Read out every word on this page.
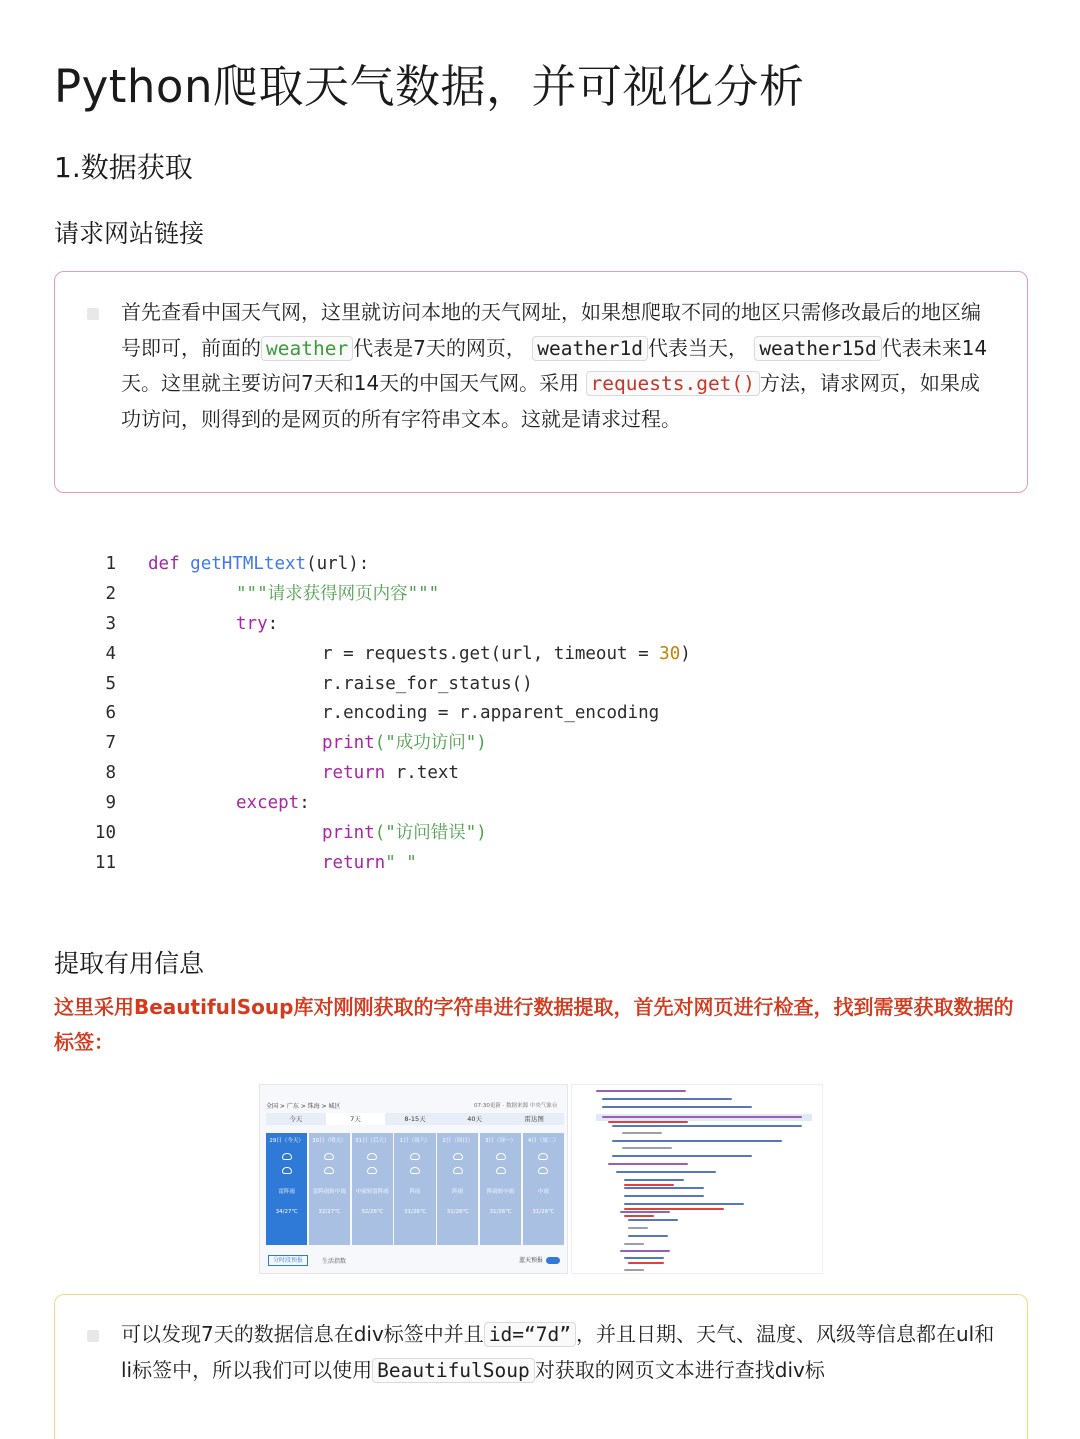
Python爬取天气数据，并可视化分析
1.数据获取
请求网站链接
首先查看中国天气网，这里就访问本地的天气网址，如果想爬取不同的地区只需修改最后的地区编号即可，前面的 weather 代表是7天的网页， weather1d 代表当天， weather15d 代表未来14天。这里就主要访问7天和14天的中国天气网。采用 requests.get() 方法，请求网页，如果成功访问，则得到的是网页的所有字符串文本。这就是请求过程。
1 def getHTMLtext(url):
2	"""请求获得网页内容"""
3	try:
4	r = requests.get(url, timeout = 30)
5	r.raise_for_status()
6	r.encoding = r.apparent_encoding
7	print("成功访问")
8	return r.text
9	except:
10	print("访问错误")
11	return" "
提取有用信息
这里采用BeautifulSoup库对刚刚获取的字符串进行数据提取，首先对网页进行检查，找到需要获取数据的标签：
全国 > 广东 > 珠海 > 城区	07:30更新 · 数据来源 中央气象台
今天	7天	8-15天	40天	雷达图
29日（今天）
雷阵雨
34/27℃
30日（明天）
雷阵雨转中雨
32/27℃
31日（后天）
中雨转雷阵雨
32/26℃
1日（周六）
阵雨
31/26℃
2日（周日）
阵雨
31/26℃
3日（周一）
阵雨转中雨
31/26℃
4日（周二）
中雨
31/26℃
分时段预报	生活指数	蓝天预报
可以发现7天的数据信息在div标签中并且 id=“7d” ，并且日期、天气、温度、风级等信息都在ul和li标签中，所以我们可以使用 BeautifulSoup 对获取的网页文本进行查找div标
